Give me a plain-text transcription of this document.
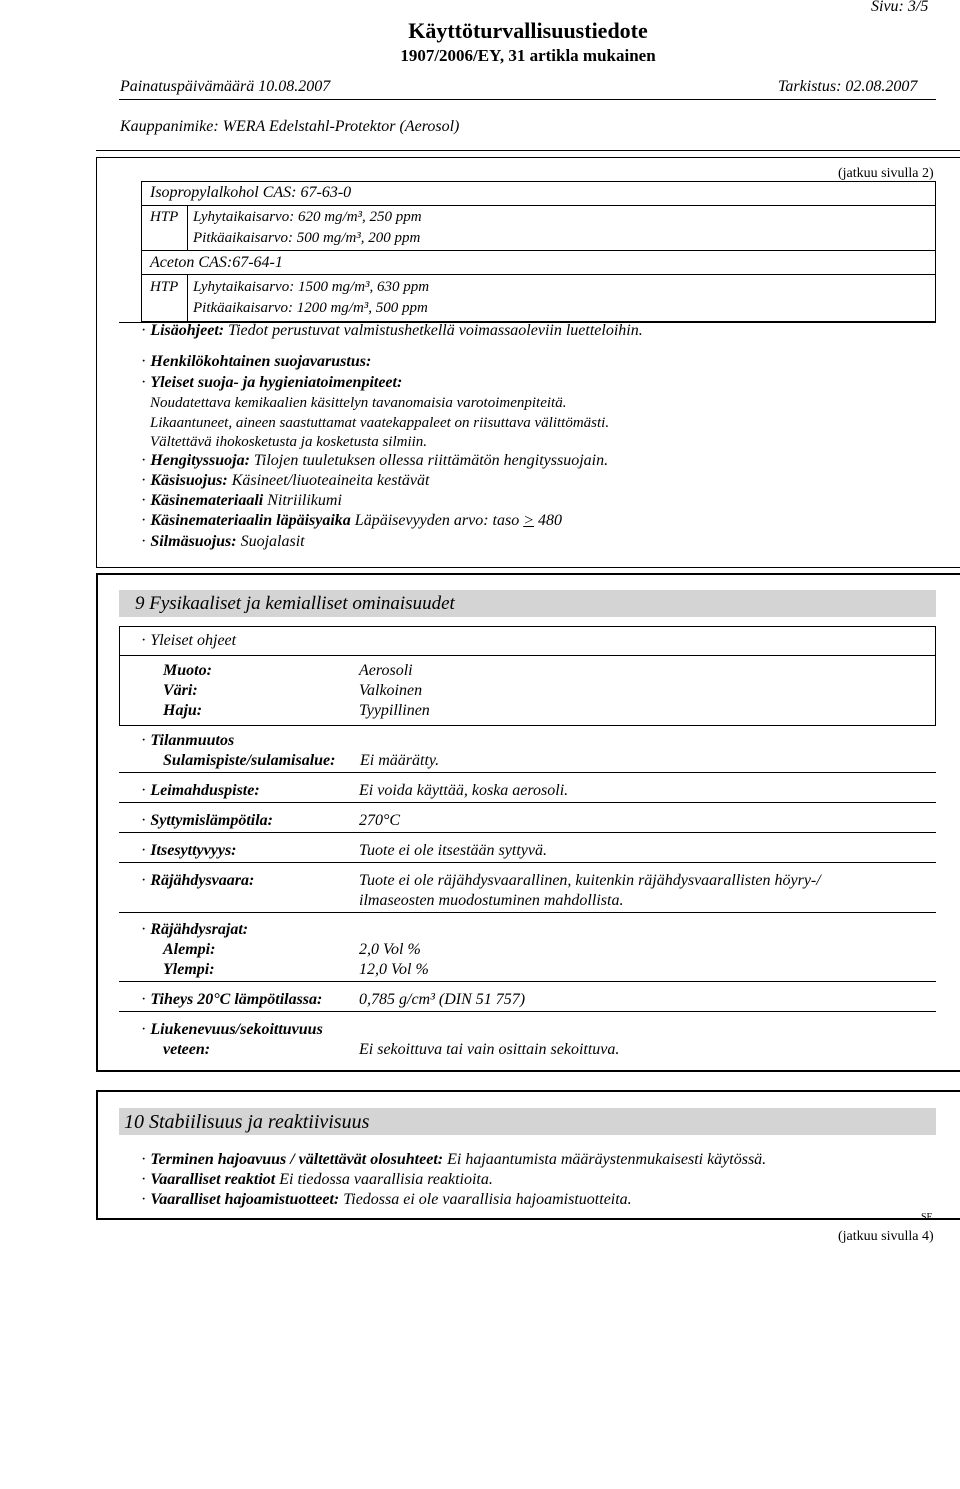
Sivu: 3/5
Käyttöturvallisuustiedote
1907/2006/EY, 31 artikla mukainen
Painatuspäivämäärä 10.08.2007	Tarkistus: 02.08.2007
Kauppanimike: WERA Edelstahl-Protektor (Aerosol)
(jatkuu sivulla 2)
Isopropylalkohol CAS: 67-63-0
HTP Lyhytaikaisarvo: 620 mg/m³, 250 ppm
Pitkäaikaisarvo: 500 mg/m³, 200 ppm
Aceton CAS:67-64-1
HTP Lyhytaikaisarvo: 1500 mg/m³, 630 ppm
Pitkäaikaisarvo: 1200 mg/m³, 500 ppm
· Lisäohjeet: Tiedot perustuvat valmistushetkellä voimassaoleviin luetteloihin.
· Henkilökohtainen suojavarustus:
· Yleiset suoja- ja hygieniatoimenpiteet:
Noudatettava kemikaalien käsittelyn tavanomaisia varotoimenpiteitä.
Likaantuneet, aineen saastuttamat vaatekappaleet on riisuttava välittömästi.
Vältettävä ihokosketusta ja kosketusta silmiin.
· Hengityssuoja: Tilojen tuuletuksen ollessa riittämätön hengityssuojain.
· Käsisuojus: Käsineet/liuoteaineita kestävät
· Käsinemateriaali Nitriilikumi
· Käsinemateriaalin läpäisyaika Läpäisevyyden arvo: taso ≥ 480
· Silmäsuojus: Suojalasit
9 Fysikaaliset ja kemialliset ominaisuudet
· Yleiset ohjeet
Muoto:	Aerosoli
Väri:	Valkoinen
Haju:	Tyypillinen
· Tilanmuutos
Sulamispiste/sulamisalue: Ei määrätty.
· Leimahduspiste:	Ei voida käyttää, koska aerosoli.
· Syttymislämpötila:	270°C
· Itsesyttyvyys:	Tuote ei ole itsestään syttyvä.
· Räjähdysvaara:	Tuote ei ole räjähdysvaarallinen, kuitenkin räjähdysvaarallisten höyry-/
ilmaseosten muodostuminen mahdollista.
· Räjähdysrajat:
Alempi:	2,0 Vol %
Ylempi:	12,0 Vol %
· Tiheys 20°C lämpötilassa: 0,785 g/cm³ (DIN 51 757)
· Liukenevuus/sekoittuvuus
veteen:	Ei sekoittuva tai vain osittain sekoittuva.
10 Stabiilisuus ja reaktiivisuus
· Terminen hajoavuus / vältettävät olosuhteet: Ei hajaantumista määräystenmukaisesti käytössä.
· Vaaralliset reaktiot Ei tiedossa vaarallisia reaktioita.
· Vaaralliset hajoamistuotteet: Tiedossa ei ole vaarallisia hajoamistuotteita.
SF
(jatkuu sivulla 4)
